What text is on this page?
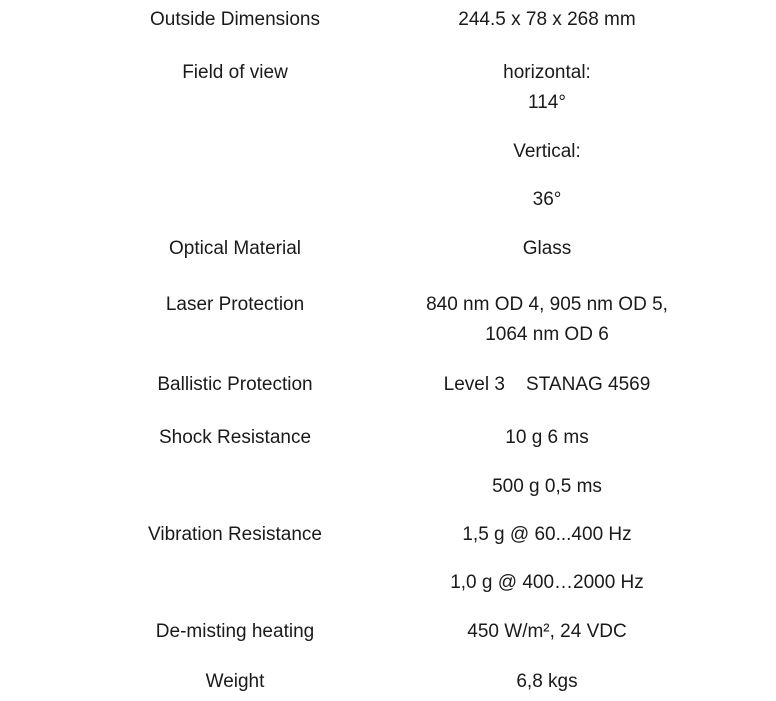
Outside Dimensions	244.5 x 78 x 268 mm
Field of view	horizontal:
114°
Vertical:
36°
Optical Material	Glass
Laser Protection	840 nm OD 4, 905 nm OD 5,
1064 nm OD 6
Ballistic Protection	Level 3    STANAG 4569
Shock Resistance	10 g 6 ms
500 g 0,5 ms
Vibration Resistance	1,5 g @ 60...400 Hz
1,0 g @ 400…2000 Hz
De-misting heating	450 W/m², 24 VDC
Weight	6,8 kgs
